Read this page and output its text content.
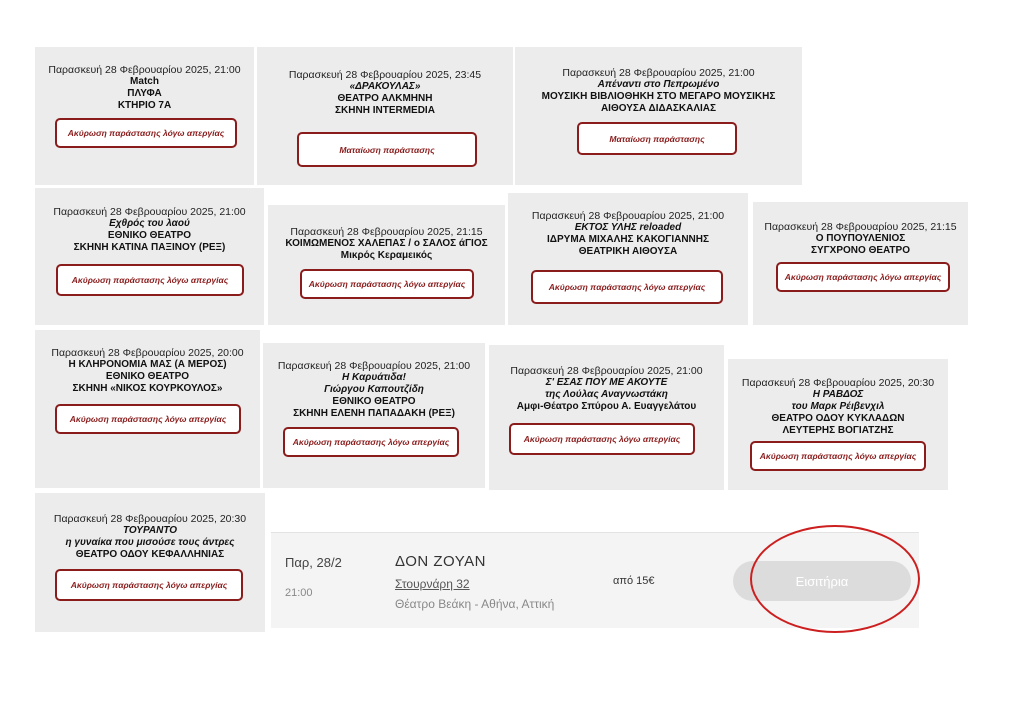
Παρασκευή 28 Φεβρουαρίου 2025, 21:00
Match
ΠΛΥΦΑ
ΚΤΗΡΙΟ 7Α
Ακύρωση παράστασης λόγω απεργίας
Παρασκευή 28 Φεβρουαρίου 2025, 23:45
«ΔΡΑΚΟΥΛΑΣ»
ΘΕΑΤΡΟ ΑΛΚΜΗΝΗ
ΣΚΗΝΗ INTERMEDIA
Ματαίωση παράστασης
Παρασκευή 28 Φεβρουαρίου 2025, 21:00
Απέναντι στο Πεπρωμένο
ΜΟΥΣΙΚΗ ΒΙΒΛΙΟΘΗΚΗ ΣΤΟ ΜΕΓΑΡΟ ΜΟΥΣΙΚΗΣ
ΑΙΘΟΥΣΑ ΔΙΔΑΣΚΑΛΙΑΣ
Ματαίωση παράστασης
Παρασκευή 28 Φεβρουαρίου 2025, 21:00
Εχθρός του λαού
ΕΘΝΙΚΟ ΘΕΑΤΡΟ
ΣΚΗΝΗ ΚΑΤΙΝΑ ΠΑΞΙΝΟΥ (ΡΕΞ)
Ακύρωση παράστασης λόγω απεργίας
Παρασκευή 28 Φεβρουαρίου 2025, 21:15
ΚΟΙΜΩΜΕΝΟΣ ΧΑΛΕΠΑΣ / ο ΣΑΛΟΣ άΓΙΟΣ
Μικρός Κεραμεικός
Ακύρωση παράστασης λόγω απεργίας
Παρασκευή 28 Φεβρουαρίου 2025, 21:00
ΕΚΤΟΣ ΥΛΗΣ reloaded
ΙΔΡΥΜΑ ΜΙΧΑΛΗΣ ΚΑΚΟΓΙΑΝΝΗΣ
ΘΕΑΤΡΙΚΗ ΑΙΘΟΥΣΑ
Ακύρωση παράστασης λόγω απεργίας
Παρασκευή 28 Φεβρουαρίου 2025, 21:15
Ο ΠΟΥΠΟΥΛΕΝΙΟΣ
ΣΥΓΧΡΟΝΟ ΘΕΑΤΡΟ
Ακύρωση παράστασης λόγω απεργίας
Παρασκευή 28 Φεβρουαρίου 2025, 20:00
Η ΚΛΗΡΟΝΟΜΙΑ ΜΑΣ (Α ΜΕΡΟΣ)
ΕΘΝΙΚΟ ΘΕΑΤΡΟ
ΣΚΗΝΗ «ΝΙΚΟΣ ΚΟΥΡΚΟΥΛΟΣ»
Ακύρωση παράστασης λόγω απεργίας
Παρασκευή 28 Φεβρουαρίου 2025, 21:00
Η Καρυάτιδα!
Γιώργου Καπουτζίδη
ΕΘΝΙΚΟ ΘΕΑΤΡΟ
ΣΚΗΝΗ ΕΛΕΝΗ ΠΑΠΑΔΑΚΗ (ΡΕΞ)
Ακύρωση παράστασης λόγω απεργίας
Παρασκευή 28 Φεβρουαρίου 2025, 21:00
Σ' ΕΣΑΣ ΠΟΥ ΜΕ ΑΚΟΥΤΕ
της Λούλας Αναγνωστάκη
Αμφι-Θέατρο Σπύρου Α. Ευαγγελάτου
Ακύρωση παράστασης λόγω απεργίας
Παρασκευή 28 Φεβρουαρίου 2025, 20:30
Η ΡΑΒΔΟΣ
του Μαρκ Ρέιβενχιλ
ΘΕΑΤΡΟ ΟΔΟΥ ΚΥΚΛΑΔΩΝ
ΛΕΥΤΕΡΗΣ ΒΟΓΙΑΤΖΗΣ
Ακύρωση παράστασης λόγω απεργίας
Παρασκευή 28 Φεβρουαρίου 2025, 20:30
ΤΟΥΡΑΝΤΟ
η γυναίκα που μισούσε τους άντρες
ΘΕΑΤΡΟ ΟΔΟΥ ΚΕΦΑΛΛΗΝΙΑΣ
Ακύρωση παράστασης λόγω απεργίας
Παρ, 28/2
21:00
ΔΟΝ ΖΟΥΑΝ
Στουρνάρη 32
Θέατρο Βεάκη - Αθήνα, Αττική
από 15€	Εισιτήρια
